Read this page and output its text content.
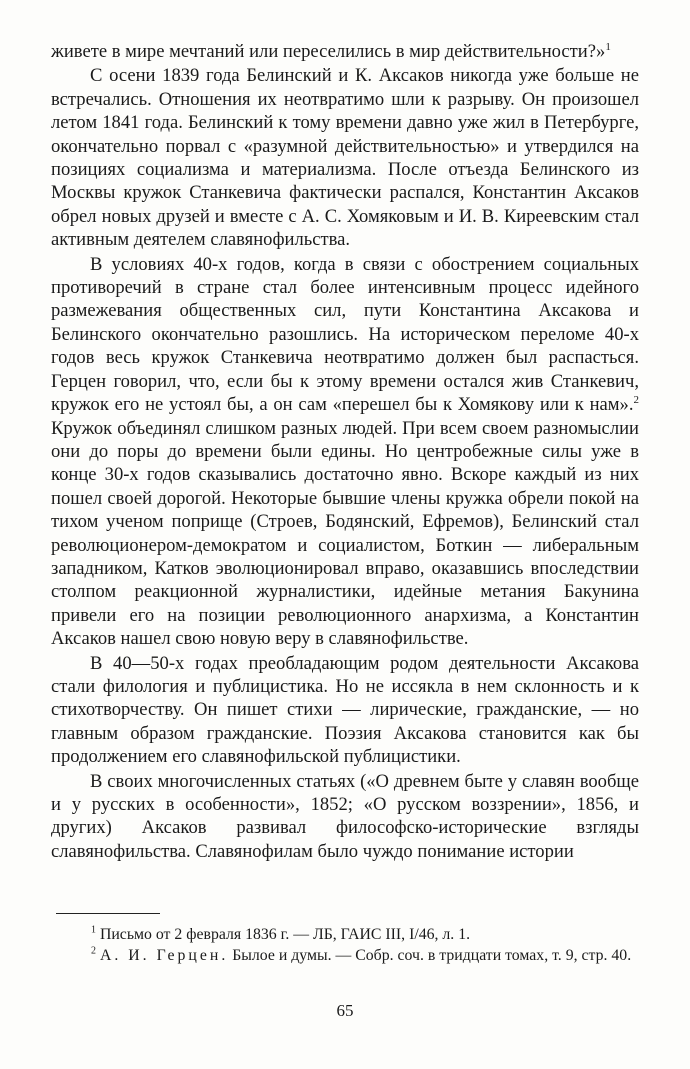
живете в мире мечтаний или переселились в мир действительности?»$^1$

С осени 1839 года Белинский и К. Аксаков никогда уже больше не встречались. Отношения их неотвратимо шли к разрыву. Он произошел летом 1841 года. Белинский к тому времени давно уже жил в Петербурге, окончательно порвал с «разумной действительностью» и утвердился на позициях социализма и материализма. После отъезда Белинского из Москвы кружок Станкевича фактически распался, Константин Аксаков обрел новых друзей и вместе с А. С. Хомяковым и И. В. Киреевским стал активным деятелем славянофильства.

В условиях 40-х годов, когда в связи с обострением социальных противоречий в стране стал более интенсивным процесс идейного размежевания общественных сил, пути Константина Аксакова и Белинского окончательно разошлись. На историческом переломе 40-х годов весь кружок Станкевича неотвратимо должен был распасться. Герцен говорил, что, если бы к этому времени остался жив Станкевич, кружок его не устоял бы, а он сам «перешел бы к Хомякову или к нам».$^2$ Кружок объединял слишком разных людей. При всем своем разномыслии они до поры до времени были едины. Но центробежные силы уже в конце 30-х годов сказывались достаточно явно. Вскоре каждый из них пошел своей дорогой. Некоторые бывшие члены кружка обрели покой на тихом ученом поприще (Строев, Бодянский, Ефремов), Белинский стал революционером-демократом и социалистом, Боткин — либеральным западником, Катков эволюционировал вправо, оказавшись впоследствии столпом реакционной журналистики, идейные метания Бакунина привели его на позиции революционного анархизма, а Константин Аксаков нашел свою новую веру в славянофильстве.

В 40—50-х годах преобладающим родом деятельности Аксакова стали филология и публицистика. Но не иссякла в нем склонность и к стихотворчеству. Он пишет стихи — лирические, гражданские, — но главным образом гражданские. Поэзия Аксакова становится как бы продолжением его славянофильской публицистики.

В своих многочисленных статьях («О древнем быте у славян вообще и у русских в особенности», 1852; «О русском воззрении», 1856, и других) Аксаков развивал философско-исторические взгляды славянофильства. Славянофилам было чуждо понимание истории

$^1$ Письмо от 2 февраля 1836 г. — ЛБ, ГАИС III, I/46, л. 1.

$^2$ А. И. Герцен. Былое и думы. — Собр. соч. в тридцати томах, т. 9, стр. 40.

65
